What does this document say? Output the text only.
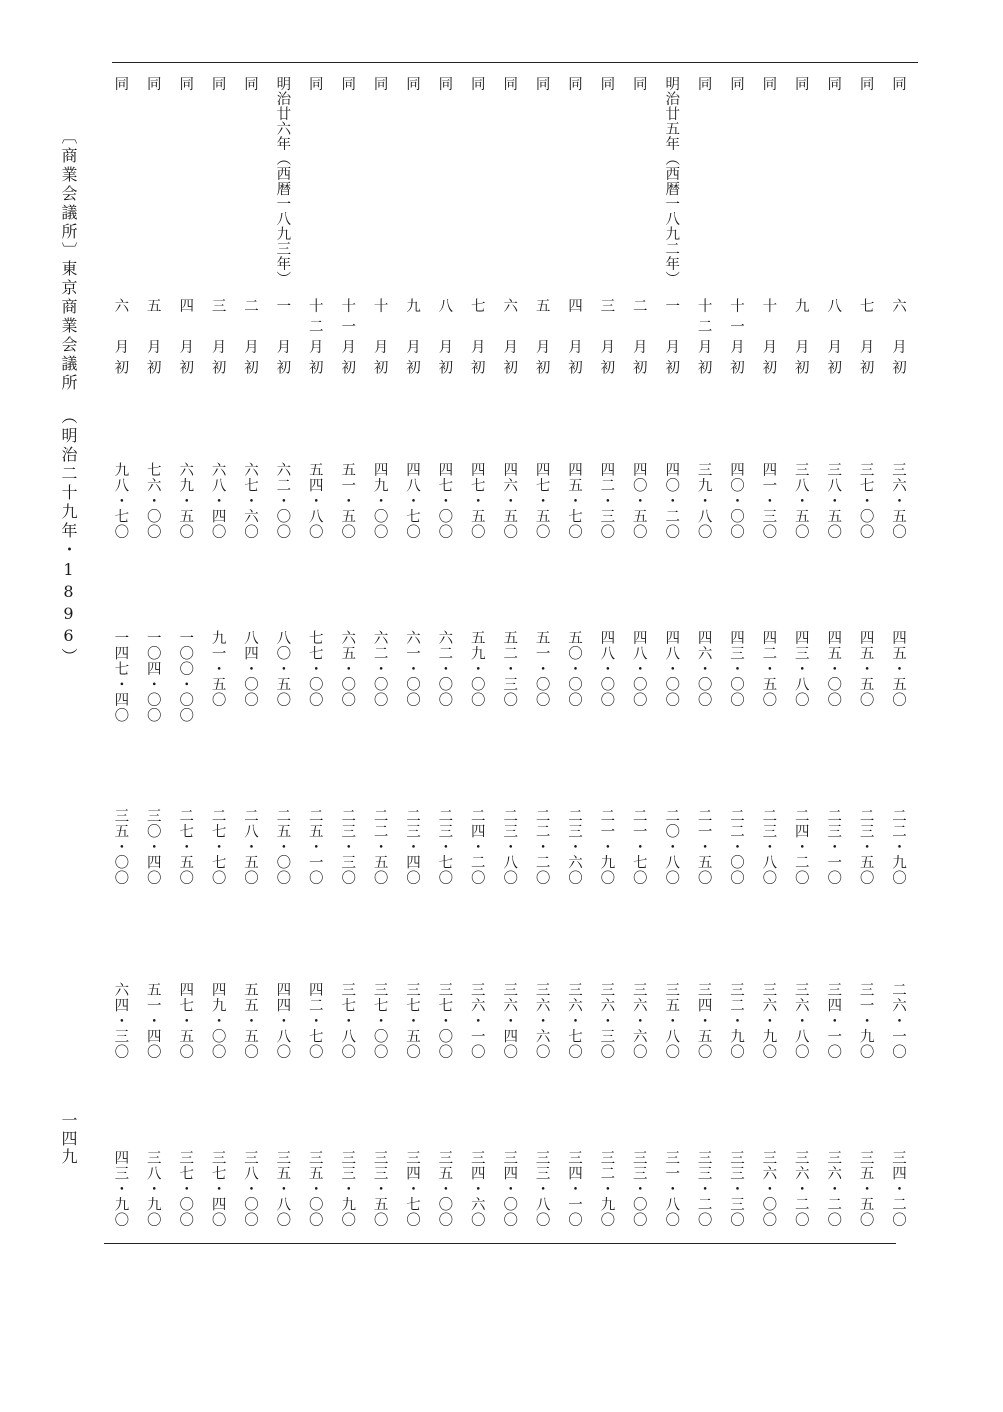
〔商業会議所〕
東京商業会議所
（明治二十九年・1896）
一四九
同
六　月初
三六・五〇
四五・五〇
二二・九〇
二六・一〇
三四・二〇
同
七　月初
三七・〇〇
四五・五〇
二三・五〇
三一・九〇
三五・五〇
同
八　月初
三八・五〇
四五・〇〇
二三・一〇
三四・一〇
三六・二〇
同
九　月初
三八・五〇
四三・八〇
二四・二〇
三六・八〇
三六・二〇
同
十　月初
四一・三〇
四二・五〇
二三・八〇
三六・九〇
三六・〇〇
同
十一月初
四〇・〇〇
四三・〇〇
二二・〇〇
三二・九〇
三三・三〇
同
十二月初
三九・八〇
四六・〇〇
二一・五〇
三四・五〇
三三・二〇
明治廿五年（西暦一八九二年）
一　月初
四〇・二〇
四八・〇〇
二〇・八〇
三五・八〇
三一・八〇
同
二　月初
四〇・五〇
四八・〇〇
二一・七〇
三六・六〇
三三・〇〇
同
三　月初
四二・三〇
四八・〇〇
二一・九〇
三六・三〇
三二・九〇
同
四　月初
四五・七〇
五〇・〇〇
二三・六〇
三六・七〇
三四・一〇
同
五　月初
四七・五〇
五一・〇〇
二二・二〇
三六・六〇
三三・八〇
同
六　月初
四六・五〇
五二・三〇
二三・八〇
三六・四〇
三四・〇〇
同
七　月初
四七・五〇
五九・〇〇
二四・二〇
三六・一〇
三四・六〇
同
八　月初
四七・〇〇
六二・〇〇
二三・七〇
三七・〇〇
三五・〇〇
同
九　月初
四八・七〇
六一・〇〇
二三・四〇
三七・五〇
三四・七〇
同
十　月初
四九・〇〇
六二・〇〇
二二・五〇
三七・〇〇
三三・五〇
同
十一月初
五一・五〇
六五・〇〇
二三・三〇
三七・八〇
三三・九〇
同
十二月初
五四・八〇
七七・〇〇
二五・一〇
四二・七〇
三五・〇〇
明治廿六年（西暦一八九三年）
一　月初
六二・〇〇
八〇・五〇
二五・〇〇
四四・八〇
三五・八〇
同
二　月初
六七・六〇
八四・〇〇
二八・五〇
五五・五〇
三八・〇〇
同
三　月初
六八・四〇
九一・五〇
二七・七〇
四九・〇〇
三七・四〇
同
四　月初
六九・五〇
一〇〇・〇〇
二七・五〇
四七・五〇
三七・〇〇
同
五　月初
七六・〇〇
一〇四・〇〇
三〇・四〇
五一・四〇
三八・九〇
同
六　月初
九八・七〇
一四七・四〇
三五・〇〇
六四・三〇
四三・九〇
